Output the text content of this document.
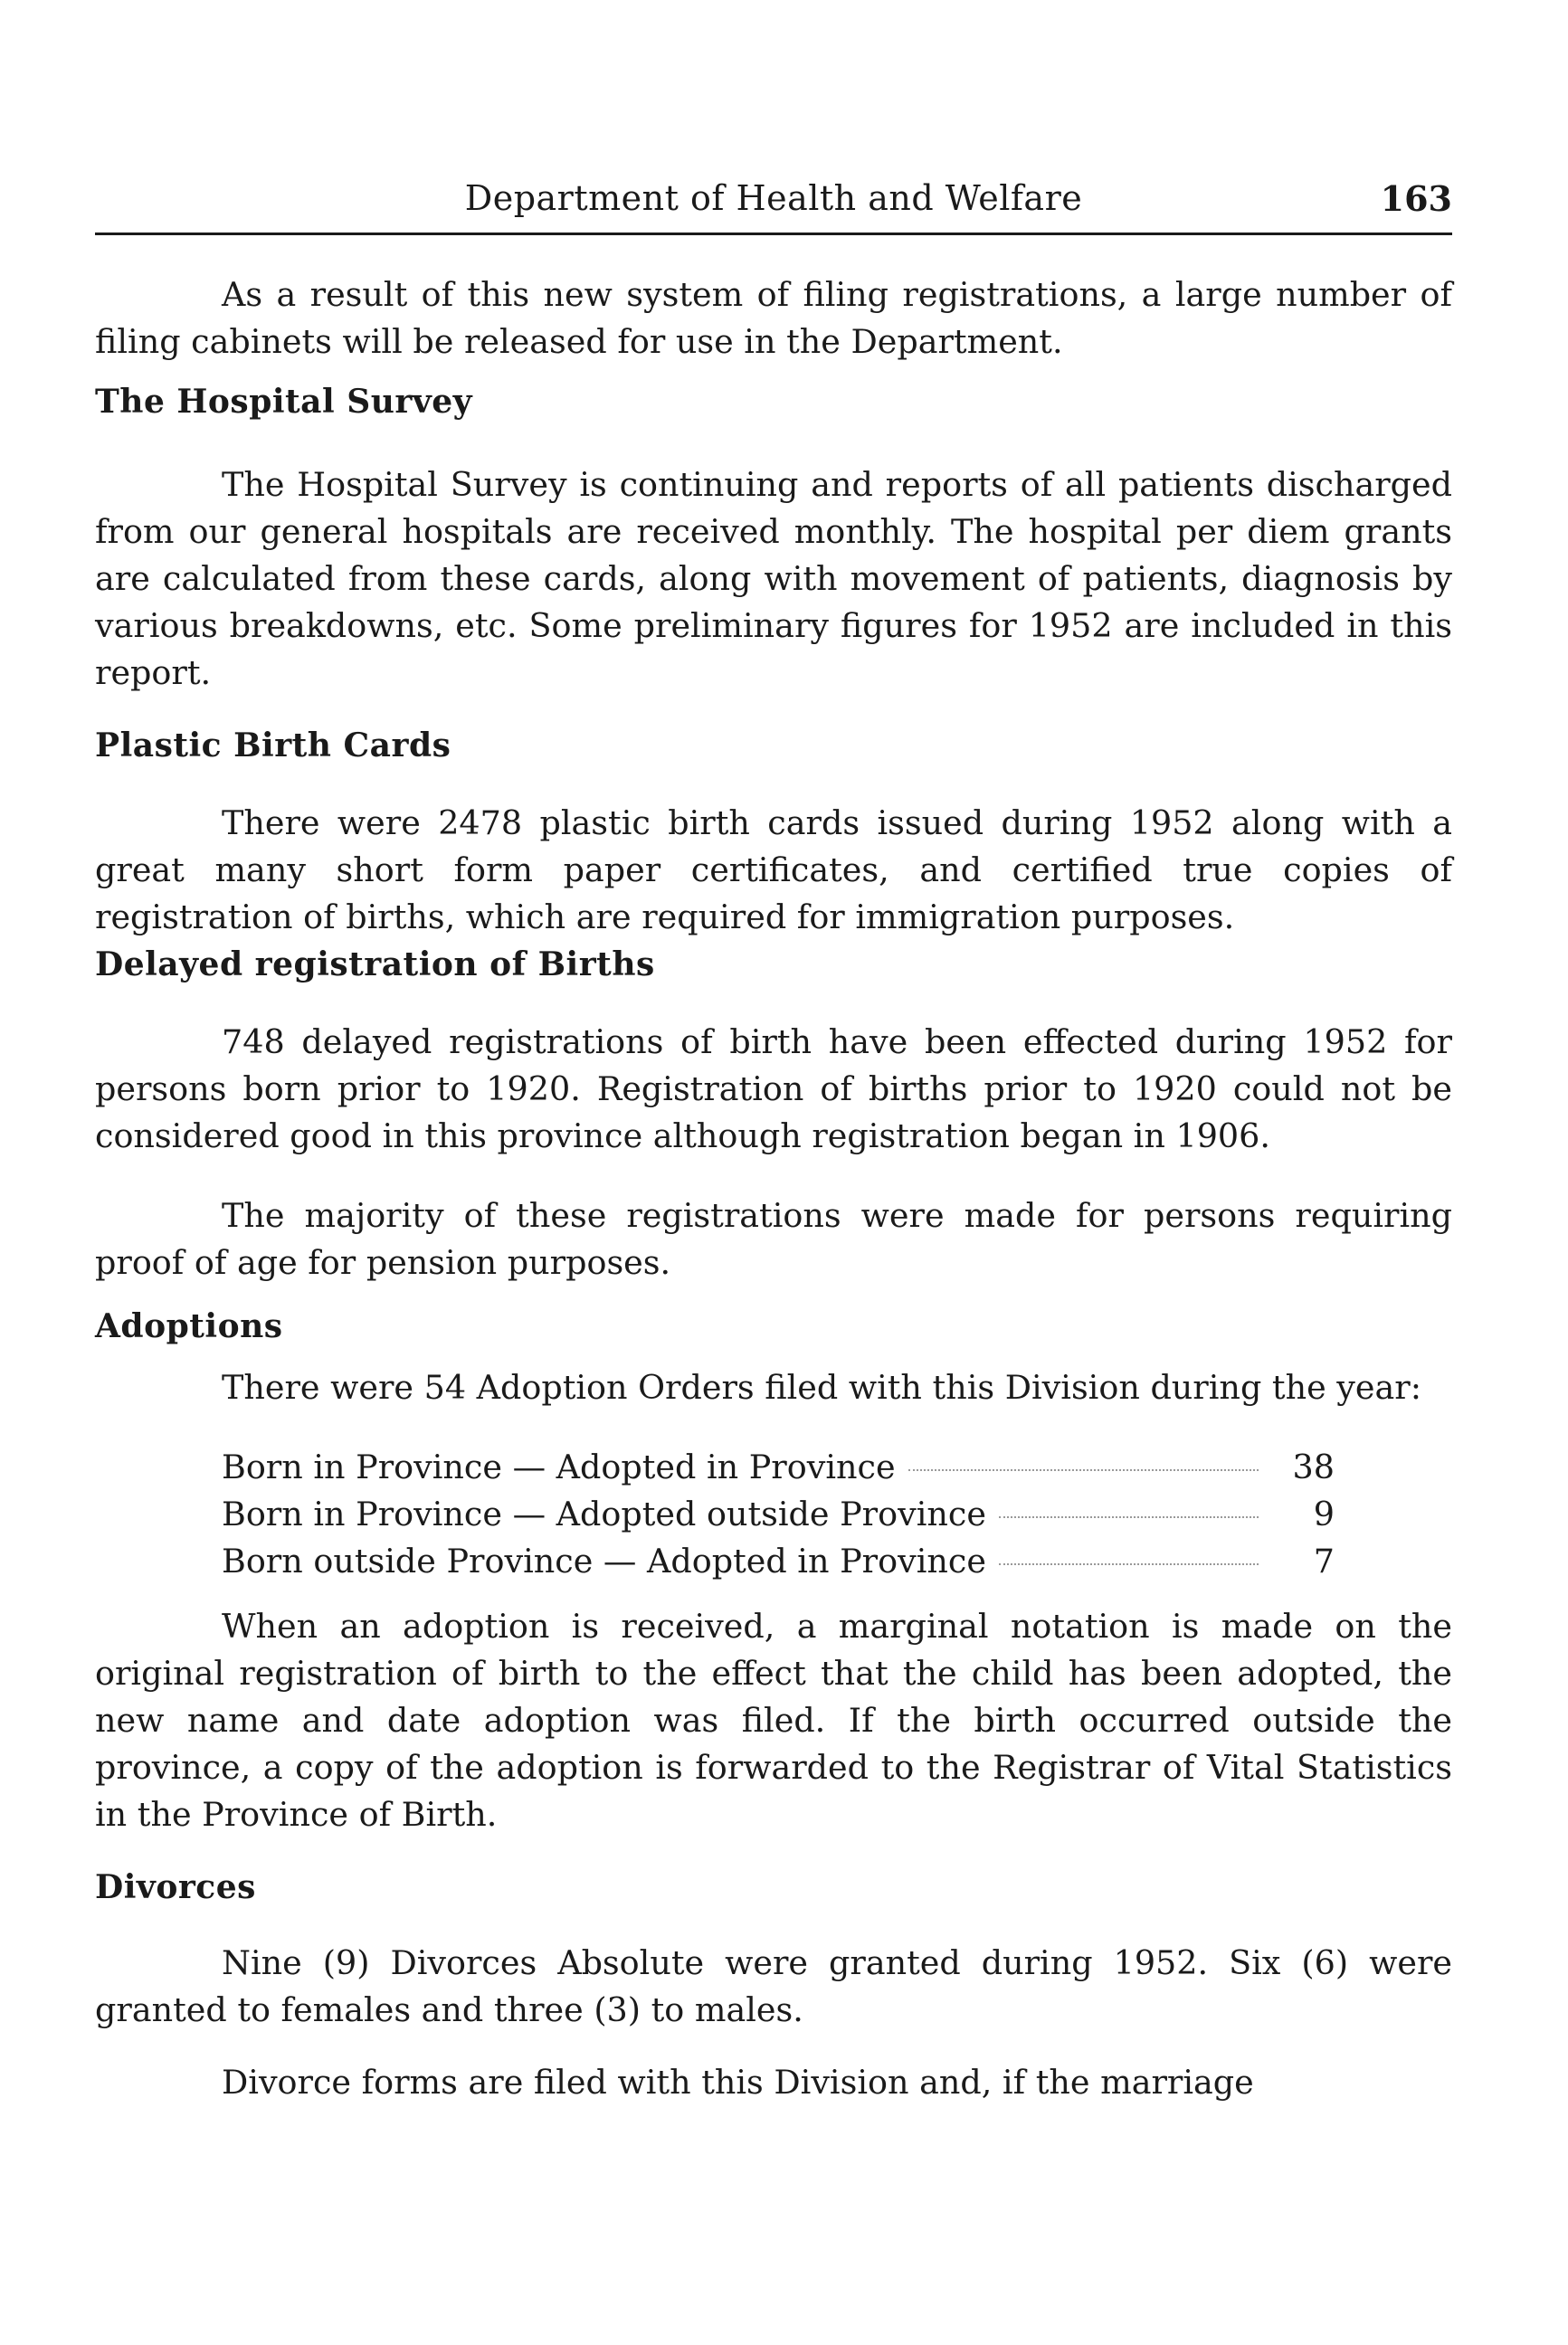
Department of Health and Welfare	163

As a result of this new system of filing registrations, a large number of filing cabinets will be released for use in the Department.

The Hospital Survey

The Hospital Survey is continuing and reports of all patients discharged from our general hospitals are received monthly. The hospital per diem grants are calculated from these cards, along with movement of patients, diagnosis by various breakdowns, etc. Some preliminary figures for 1952 are included in this report.

Plastic Birth Cards

There were 2478 plastic birth cards issued during 1952 along with a great many short form paper certificates, and certified true copies of registration of births, which are required for immigration purposes.

Delayed registration of Births

748 delayed registrations of birth have been effected during 1952 for persons born prior to 1920. Registration of births prior to 1920 could not be considered good in this province although registration began in 1906.

The majority of these registrations were made for persons requiring proof of age for pension purposes.

Adoptions

There were 54 Adoption Orders filed with this Division during the year:

Born in Province — Adopted in Province	38
Born in Province — Adopted outside Province	9
Born outside Province — Adopted in Province	7

When an adoption is received, a marginal notation is made on the original registration of birth to the effect that the child has been adopted, the new name and date adoption was filed. If the birth occurred outside the province, a copy of the adoption is forwarded to the Registrar of Vital Statistics in the Province of Birth.

Divorces

Nine (9) Divorces Absolute were granted during 1952. Six (6) were granted to females and three (3) to males.

Divorce forms are filed with this Division and, if the marriage
